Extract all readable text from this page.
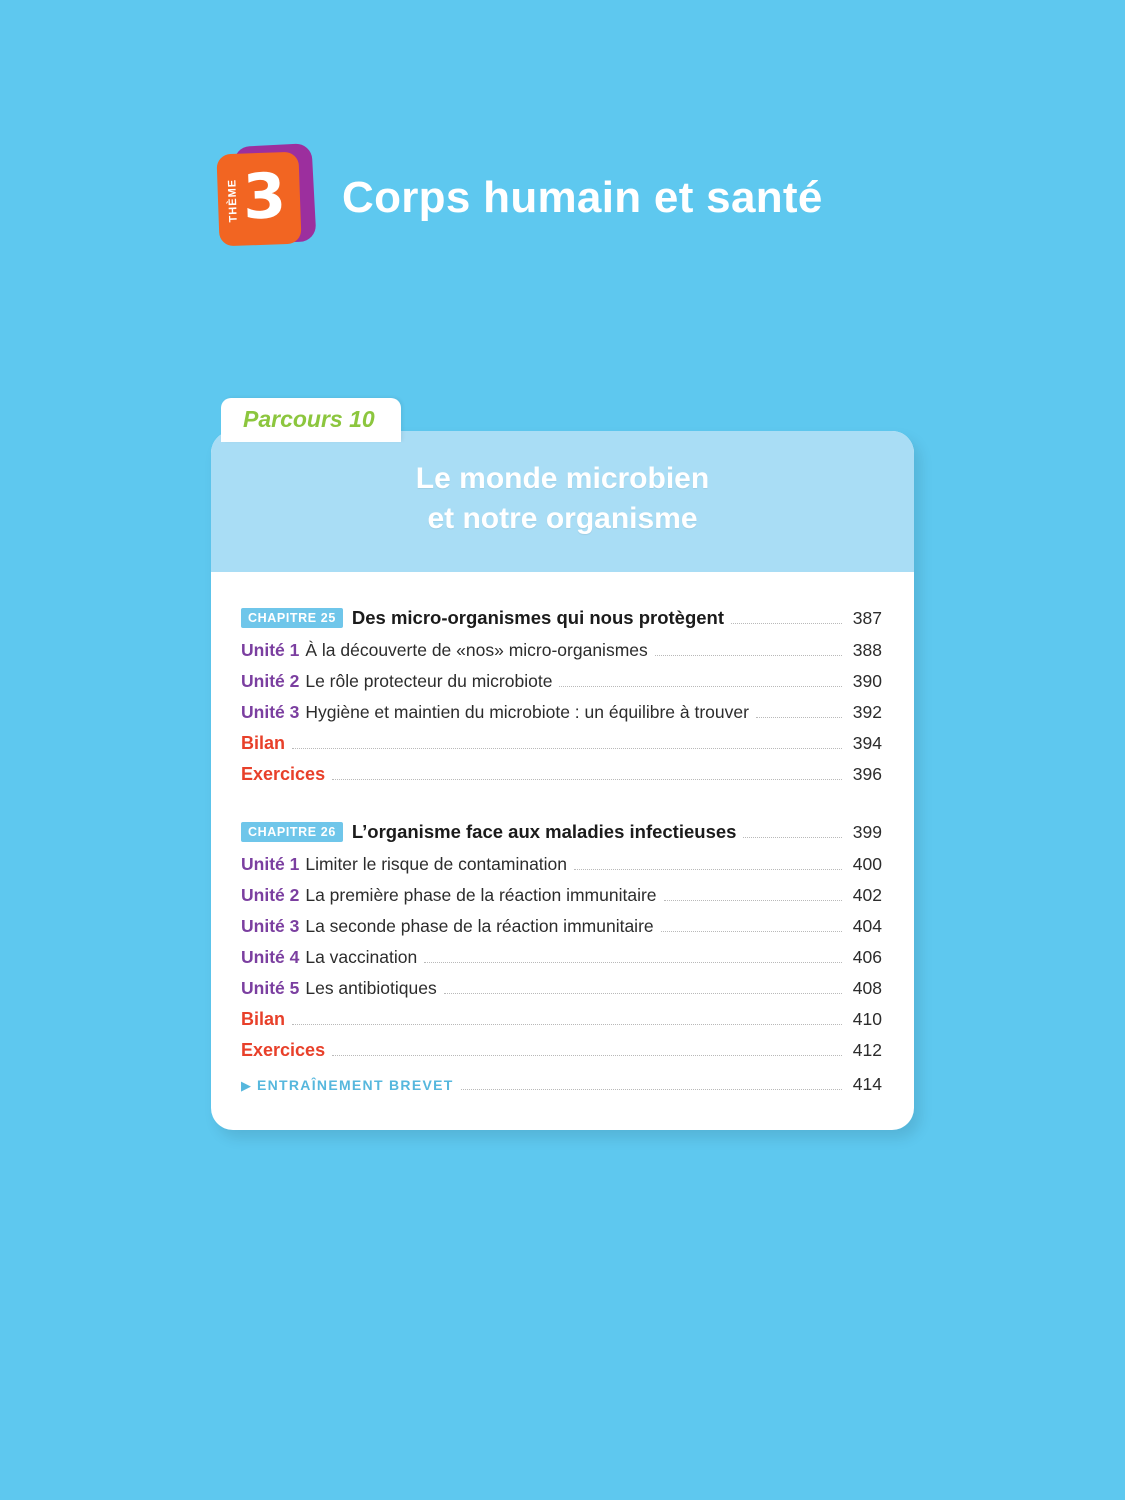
THÈME 3 Corps humain et santé
Parcours 10
Le monde microbien
et notre organisme
CHAPITRE 25 Des micro-organismes qui nous protègent	387
Unité 1 À la découverte de «nos» micro-organismes	388
Unité 2 Le rôle protecteur du microbiote	390
Unité 3 Hygiène et maintien du microbiote : un équilibre à trouver	392
Bilan	394
Exercices	396
CHAPITRE 26 L’organisme face aux maladies infectieuses	399
Unité 1 Limiter le risque de contamination	400
Unité 2 La première phase de la réaction immunitaire	402
Unité 3 La seconde phase de la réaction immunitaire	404
Unité 4 La vaccination	406
Unité 5 Les antibiotiques	408
Bilan	410
Exercices	412
▶ ENTRAÎNEMENT BREVET	414
